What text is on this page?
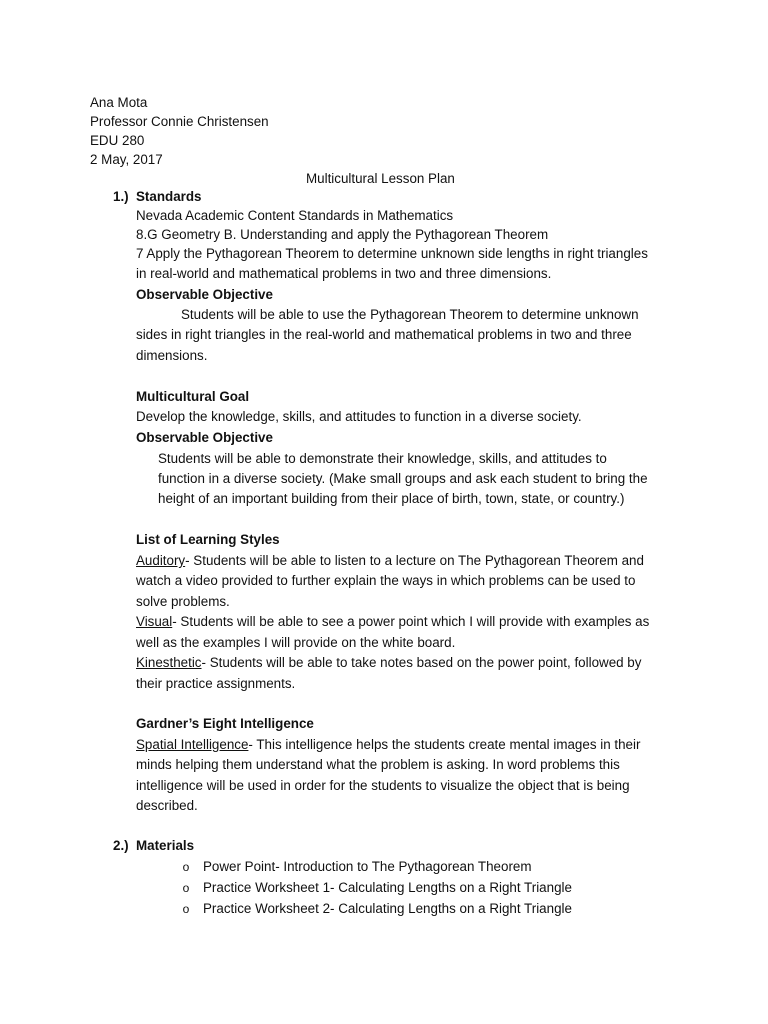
Ana Mota
Professor Connie Christensen
EDU 280
2 May, 2017
Multicultural Lesson Plan
1.) Standards
Nevada Academic Content Standards in Mathematics
8.G Geometry B. Understanding and apply the Pythagorean Theorem
7 Apply the Pythagorean Theorem to determine unknown side lengths in right triangles
in real-world and mathematical problems in two and three dimensions.
Observable Objective
Students will be able to use the Pythagorean Theorem to determine unknown
sides in right triangles in the real-world and mathematical problems in two and three
dimensions.
Multicultural Goal
Develop the knowledge, skills, and attitudes to function in a diverse society.
Observable Objective
Students will be able to demonstrate their knowledge, skills, and attitudes to
function in a diverse society. (Make small groups and ask each student to bring the
height of an important building from their place of birth, town, state, or country.)
List of Learning Styles
Auditory- Students will be able to listen to a lecture on The Pythagorean Theorem and
watch a video provided to further explain the ways in which problems can be used to
solve problems.
Visual- Students will be able to see a power point which I will provide with examples as
well as the examples I will provide on the white board.
Kinesthetic- Students will be able to take notes based on the power point, followed by
their practice assignments.
Gardner’s Eight Intelligence
Spatial Intelligence- This intelligence helps the students create mental images in their
minds helping them understand what the problem is asking. In word problems this
intelligence will be used in order for the students to visualize the object that is being
described.
2.) Materials
o Power Point- Introduction to The Pythagorean Theorem
o Practice Worksheet 1- Calculating Lengths on a Right Triangle
o Practice Worksheet 2- Calculating Lengths on a Right Triangle
